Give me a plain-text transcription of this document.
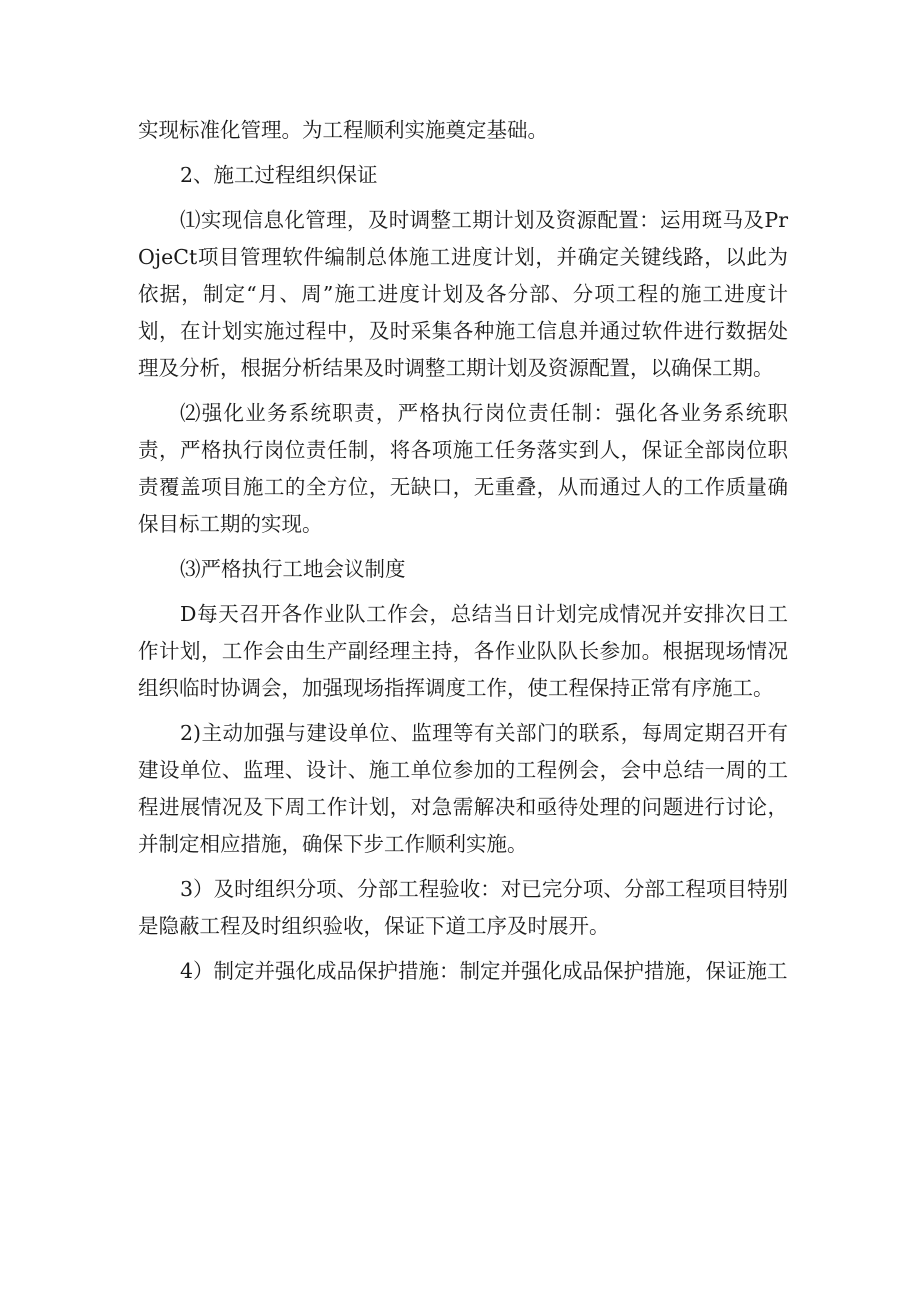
实现标准化管理。为工程顺利实施奠定基础。

2、施工过程组织保证

⑴实现信息化管理，及时调整工期计划及资源配置：运用斑马及PrOjeCt项目管理软件编制总体施工进度计划，并确定关键线路，以此为依据，制定“月、周”施工进度计划及各分部、分项工程的施工进度计划，在计划实施过程中，及时采集各种施工信息并通过软件进行数据处理及分析，根据分析结果及时调整工期计划及资源配置，以确保工期。

⑵强化业务系统职责，严格执行岗位责任制：强化各业务系统职责，严格执行岗位责任制，将各项施工任务落实到人，保证全部岗位职责覆盖项目施工的全方位，无缺口，无重叠，从而通过人的工作质量确保目标工期的实现。

⑶严格执行工地会议制度

D每天召开各作业队工作会，总结当日计划完成情况并安排次日工作计划，工作会由生产副经理主持，各作业队队长参加。根据现场情况组织临时协调会，加强现场指挥调度工作，使工程保持正常有序施工。

2)主动加强与建设单位、监理等有关部门的联系，每周定期召开有建设单位、监理、设计、施工单位参加的工程例会，会中总结一周的工程进展情况及下周工作计划，对急需解决和亟待处理的问题进行讨论，并制定相应措施，确保下步工作顺利实施。

3）及时组织分项、分部工程验收：对已完分项、分部工程项目特别是隐蔽工程及时组织验收，保证下道工序及时展开。

4）制定并强化成品保护措施：制定并强化成品保护措施，保证施工
